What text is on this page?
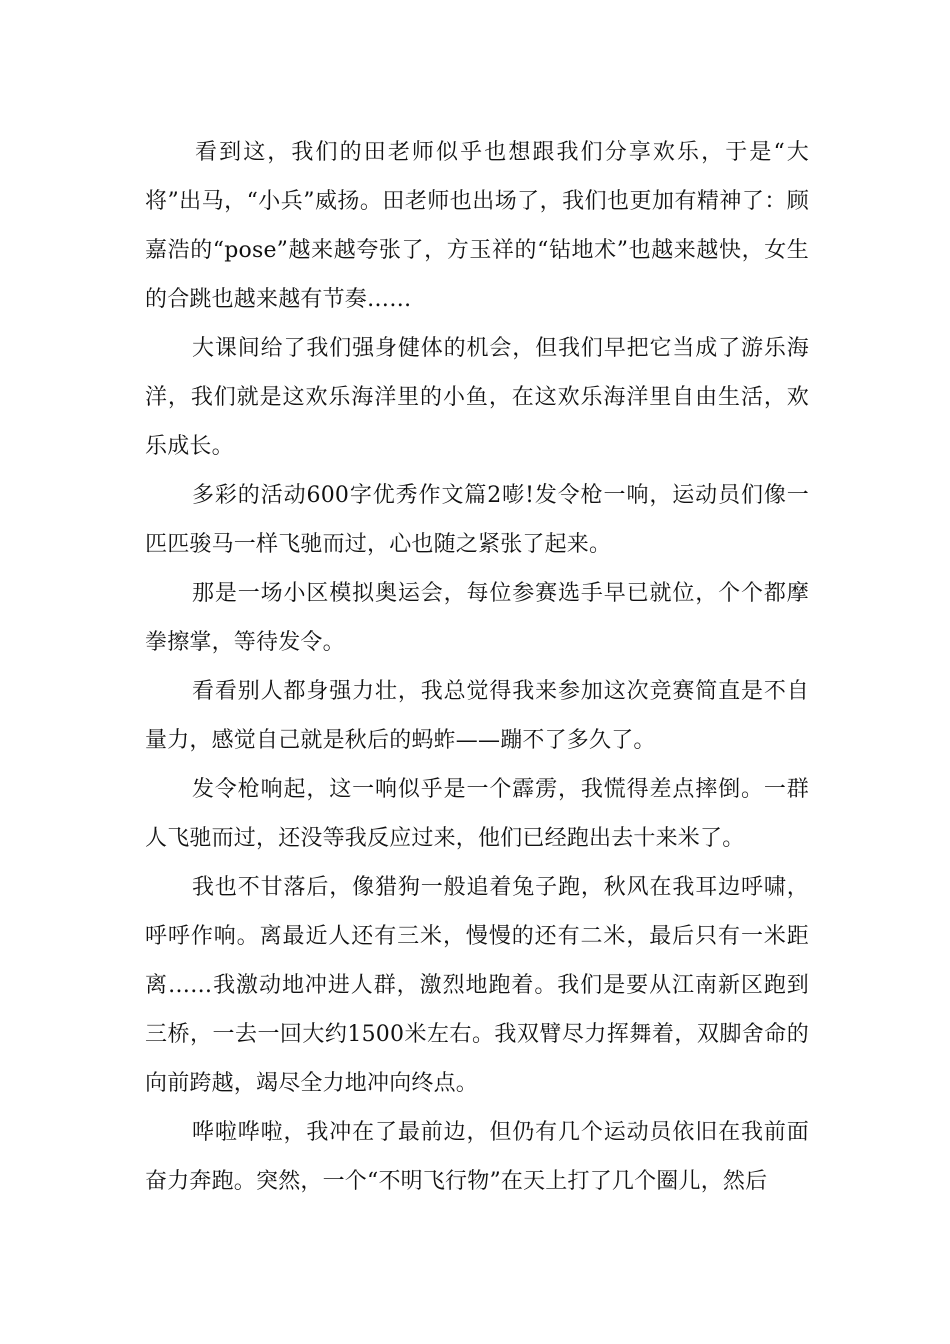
看到这，我们的田老师似乎也想跟我们分享欢乐，于是“大将”出马，“小兵”威扬。田老师也出场了，我们也更加有精神了：顾嘉浩的“pose”越来越夸张了，方玉祥的“钻地术”也越来越快，女生的合跳也越来越有节奏……

大课间给了我们强身健体的机会，但我们早把它当成了游乐海洋，我们就是这欢乐海洋里的小鱼，在这欢乐海洋里自由生活，欢乐成长。

多彩的活动600字优秀作文篇2嘭!发令枪一响，运动员们像一匹匹骏马一样飞驰而过，心也随之紧张了起来。

那是一场小区模拟奥运会，每位参赛选手早已就位，个个都摩拳擦掌，等待发令。

看看别人都身强力壮，我总觉得我来参加这次竞赛简直是不自量力，感觉自己就是秋后的蚂蚱——蹦不了多久了。

发令枪响起，这一响似乎是一个霹雳，我慌得差点摔倒。一群人飞驰而过，还没等我反应过来，他们已经跑出去十来米了。

我也不甘落后，像猎狗一般追着兔子跑，秋风在我耳边呼啸，呼呼作响。离最近人还有三米，慢慢的还有二米，最后只有一米距离……我激动地冲进人群，激烈地跑着。我们是要从江南新区跑到三桥，一去一回大约1500米左右。我双臂尽力挥舞着，双脚舍命的向前跨越，竭尽全力地冲向终点。

哗啦哗啦，我冲在了最前边，但仍有几个运动员依旧在我前面奋力奔跑。突然，一个“不明飞行物”在天上打了几个圈儿，然后
